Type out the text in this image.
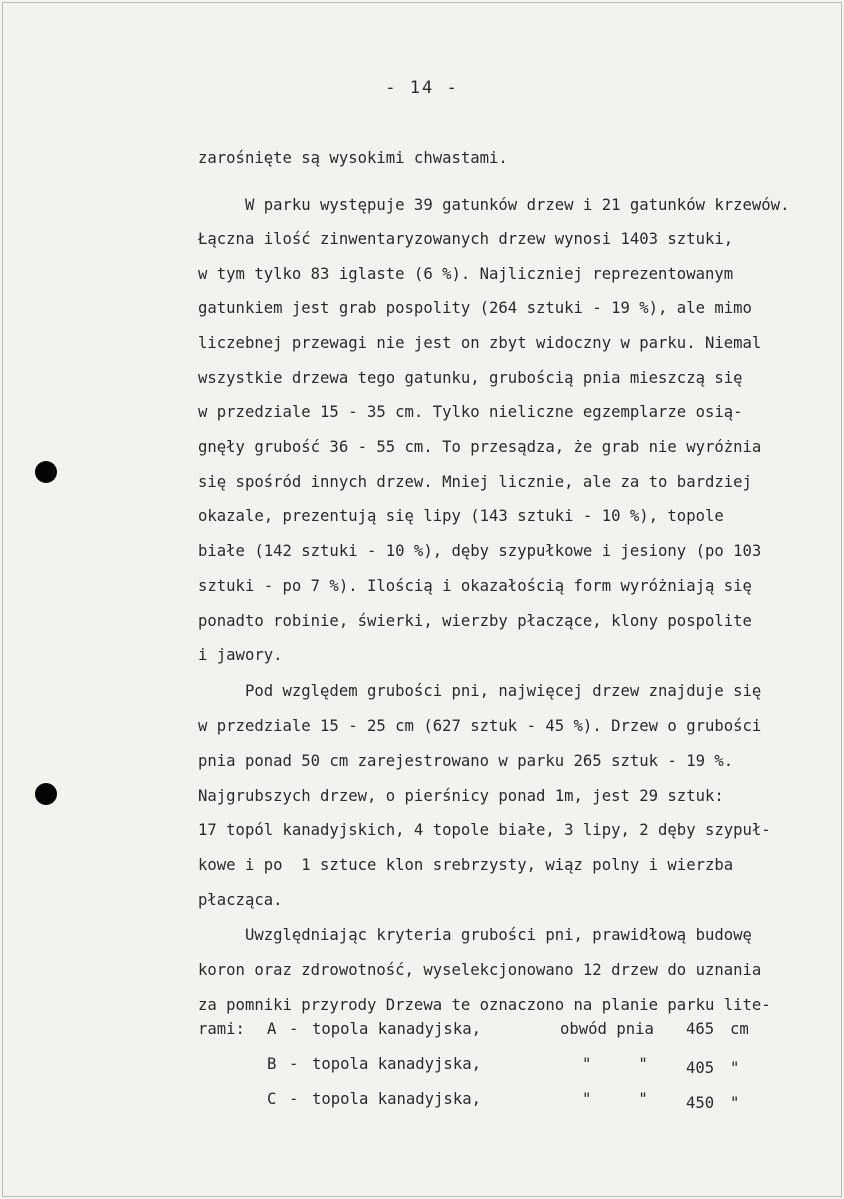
- 14 -
zarośnięte są wysokimi chwastami.
W parku występuje 39 gatunków drzew i 21 gatunków krzewów.
Łączna ilość zinwentaryzowanych drzew wynosi 1403 sztuki,
w tym tylko 83 iglaste (6 %). Najliczniej reprezentowanym
gatunkiem jest grab pospolity (264 sztuki - 19 %), ale mimo
liczebnej przewagi nie jest on zbyt widoczny w parku. Niemal
wszystkie drzewa tego gatunku, grubością pnia mieszczą się
w przedziale 15 - 35 cm. Tylko nieliczne egzemplarze osią-
gnęły grubość 36 - 55 cm. To przesądza, że grab nie wyróżnia
się spośród innych drzew. Mniej licznie, ale za to bardziej
okazale, prezentują się lipy (143 sztuki - 10 %), topole
białe (142 sztuki - 10 %), dęby szypułkowe i jesiony (po 103
sztuki - po 7 %). Ilością i okazałością form wyróżniają się
ponadto robinie, świerki, wierzby płaczące, klony pospolite
i jawory.
Pod względem grubości pni, najwięcej drzew znajduje się
w przedziale 15 - 25 cm (627 sztuk - 45 %). Drzew o grubości
pnia ponad 50 cm zarejestrowano w parku 265 sztuk - 19 %.
Najgrubszych drzew, o pierśnicy ponad 1m, jest 29 sztuk:
17 topól kanadyjskich, 4 topole białe, 3 lipy, 2 dęby szypuł-
kowe i po  1 sztuce klon srebrzysty, wiąz polny i wierzba
płacząca.
Uwzględniając kryteria grubości pni, prawidłową budowę
koron oraz zdrowotność, wyselekcjonowano 12 drzew do uznania
za pomniki przyrody Drzewa te oznaczono na planie parku lite-
rami: A - topola kanadyjska,	obwód pnia 465 cm
B - topola kanadyjska,	"     " 405 "
C - topola kanadyjska,	"     " 450 "
